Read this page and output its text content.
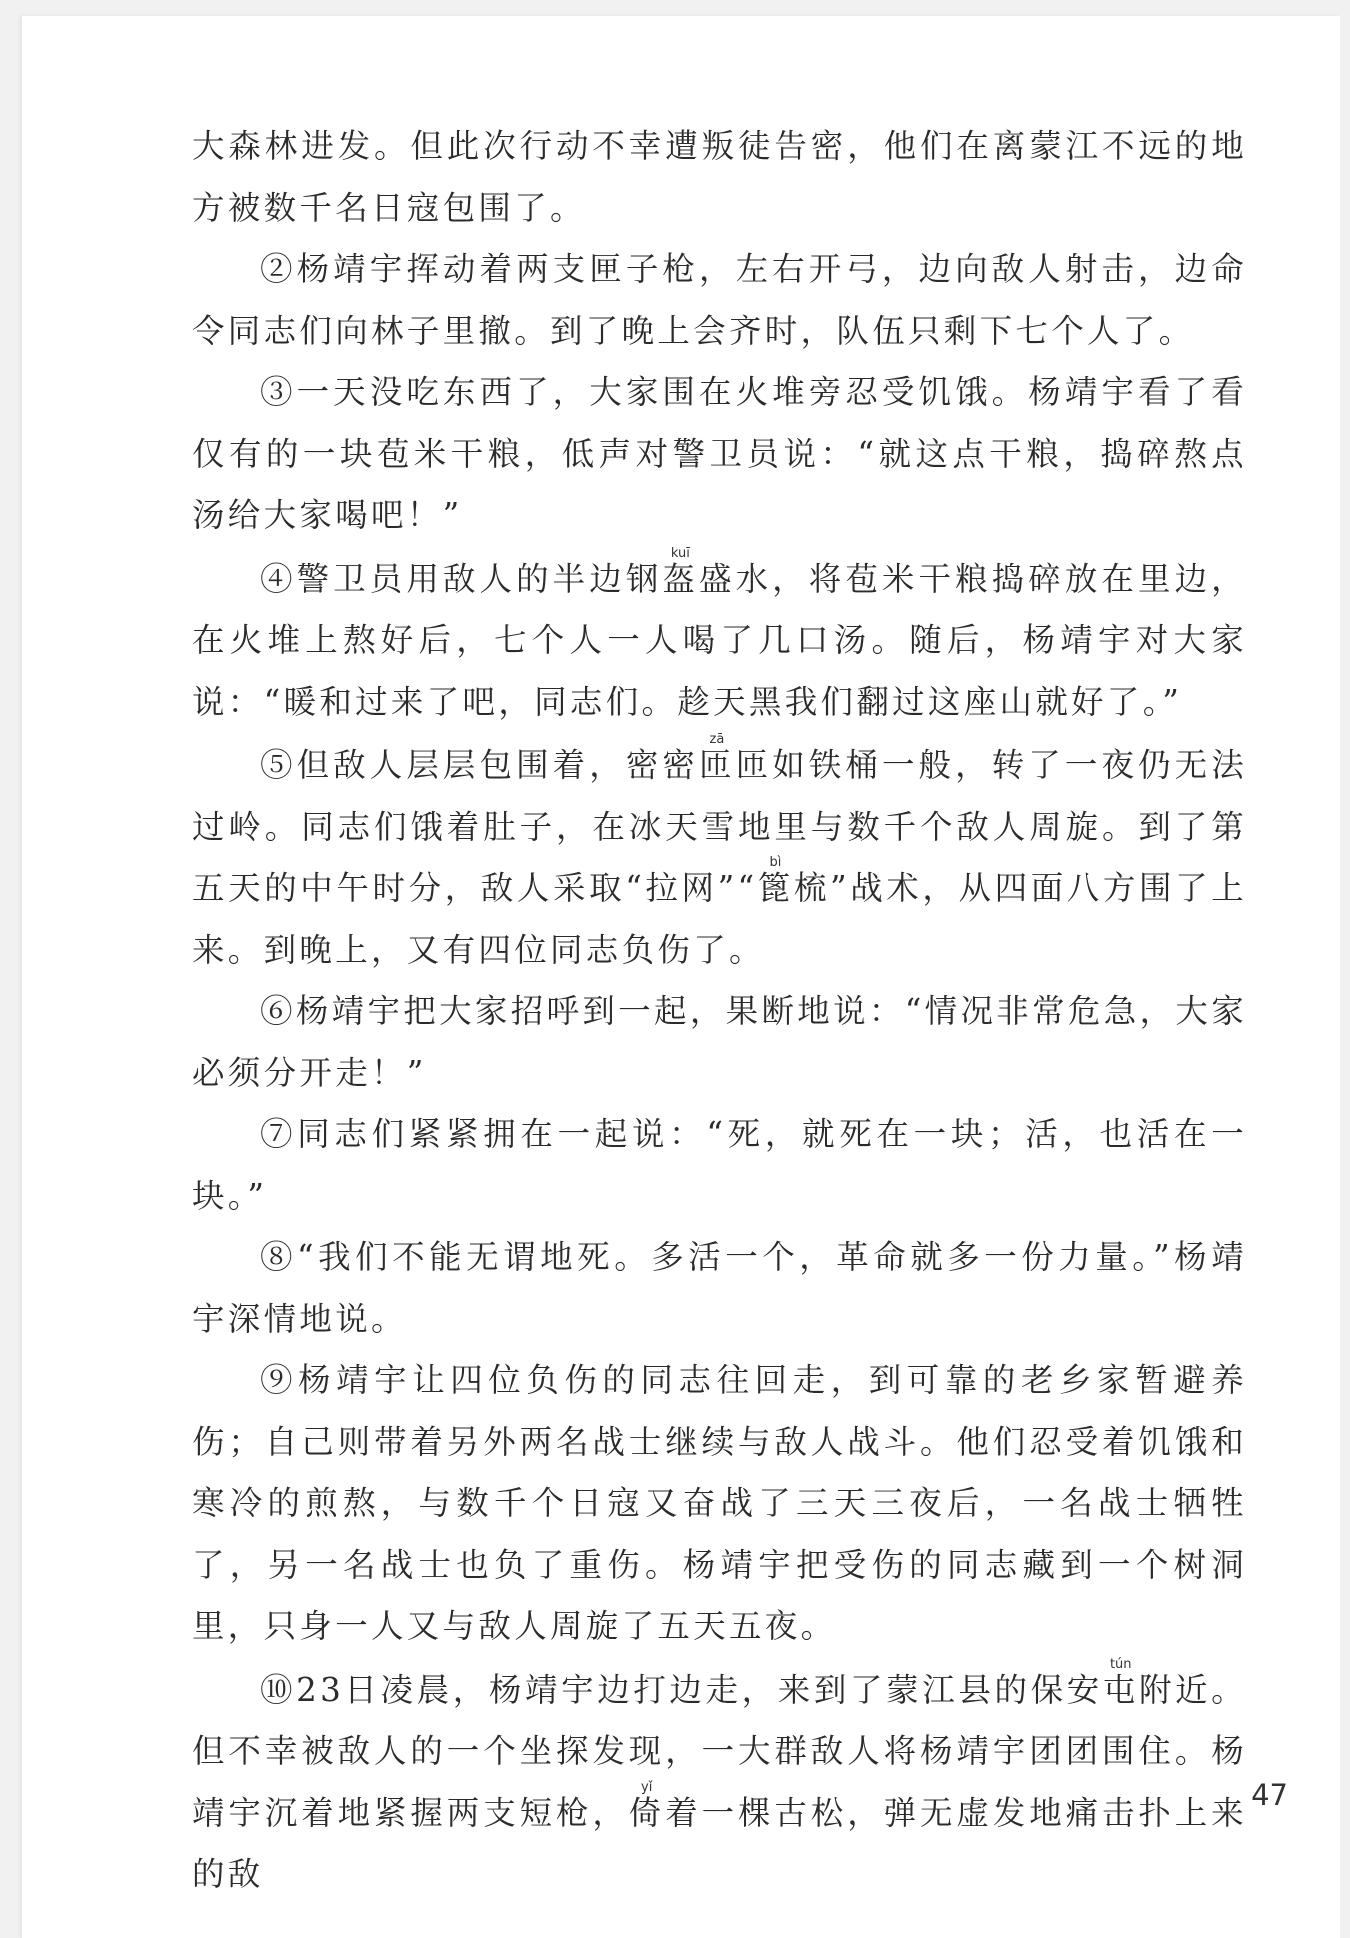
大森林进发。但此次行动不幸遭叛徒告密，他们在离蒙江不远的地方被数千名日寇包围了。

②杨靖宇挥动着两支匣子枪，左右开弓，边向敌人射击，边命令同志们向林子里撤。到了晚上会齐时，队伍只剩下七个人了。

③一天没吃东西了，大家围在火堆旁忍受饥饿。杨靖宇看了看仅有的一块苞米干粮，低声对警卫员说：“就这点干粮，捣碎熬点汤给大家喝吧！”

④警卫员用敌人的半边钢盔kuī盛水，将苞米干粮捣碎放在里边，在火堆上熬好后，七个人一人喝了几口汤。随后，杨靖宇对大家说：“暖和过来了吧，同志们。趁天黑我们翻过这座山就好了。”

⑤但敌人层层包围着，密密匝zā匝如铁桶一般，转了一夜仍无法过岭。同志们饿着肚子，在冰天雪地里与数千个敌人周旋。到了第五天的中午时分，敌人采取“拉网”“篦bì梳”战术，从四面八方围了上来。到晚上，又有四位同志负伤了。

⑥杨靖宇把大家招呼到一起，果断地说：“情况非常危急，大家必须分开走！”

⑦同志们紧紧拥在一起说：“死，就死在一块；活，也活在一块。”

⑧“我们不能无谓地死。多活一个，革命就多一份力量。”杨靖宇深情地说。

⑨杨靖宇让四位负伤的同志往回走，到可靠的老乡家暂避养伤；自己则带着另外两名战士继续与敌人战斗。他们忍受着饥饿和寒冷的煎熬，与数千个日寇又奋战了三天三夜后，一名战士牺牲了，另一名战士也负了重伤。杨靖宇把受伤的同志藏到一个树洞里，只身一人又与敌人周旋了五天五夜。

⑩23日凌晨，杨靖宇边打边走，来到了蒙江县的保安屯tún附近。但不幸被敌人的一个坐探发现，一大群敌人将杨靖宇团团围住。杨靖宇沉着地紧握两支短枪，倚yǐ着一棵古松，弹无虚发地痛击扑上来的敌

47
